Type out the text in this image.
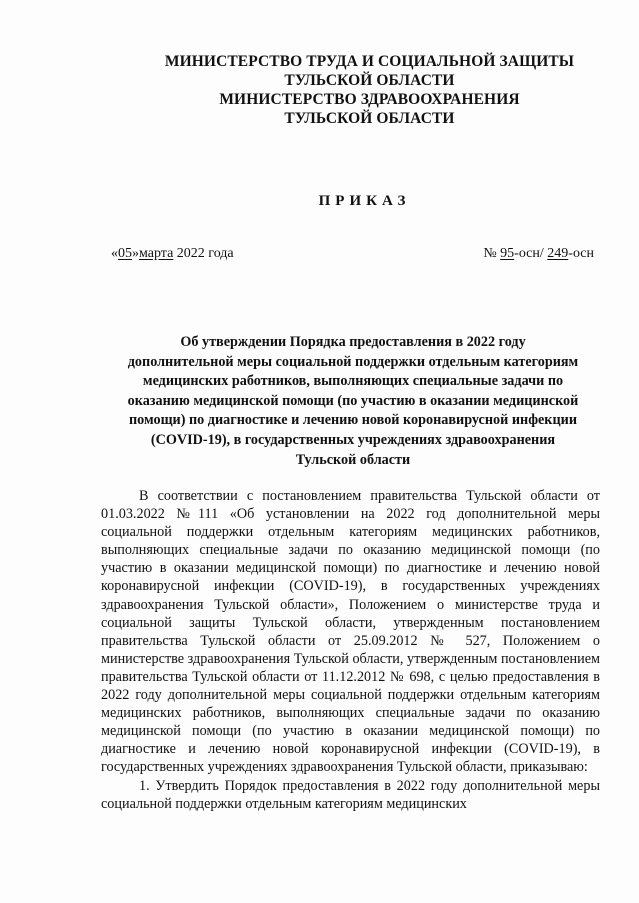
МИНИСТЕРСТВО ТРУДА И СОЦИАЛЬНОЙ ЗАЩИТЫ
ТУЛЬСКОЙ ОБЛАСТИ
МИНИСТЕРСТВО ЗДРАВООХРАНЕНИЯ
ТУЛЬСКОЙ ОБЛАСТИ
ПРИКАЗ
«05»марта 2022 года	№ 95-осн/ 249-осн
Об утверждении Порядка предоставления в 2022 году
дополнительной меры социальной поддержки отдельным категориям
медицинских работников, выполняющих специальные задачи по
оказанию медицинской помощи (по участию в оказании медицинской
помощи) по диагностике и лечению новой коронавирусной инфекции
(COVID-19), в государственных учреждениях здравоохранения
Тульской области

В соответствии с постановлением правительства Тульской области от 01.03.2022 №111 «Об установлении на 2022 год дополнительной меры социальной поддержки отдельным категориям медицинских работников, выполняющих специальные задачи по оказанию медицинской помощи (по участию в оказании медицинской помощи) по диагностике и лечению новой коронавирусной инфекции (COVID-19), в государственных учреждениях здравоохранения Тульской области», Положением о министерстве труда и социальной защиты Тульской области, утвержденным постановлением правительства Тульской области от 25.09.2012 № 527, Положением о министерстве здравоохранения Тульской области, утвержденным постановлением правительства Тульской области от 11.12.2012 № 698, с целью предоставления в 2022 году дополнительной меры социальной поддержки отдельным категориям медицинских работников, выполняющих специальные задачи по оказанию медицинской помощи (по участию в оказании медицинской помощи) по диагностике и лечению новой коронавирусной инфекции (COVID-19), в государственных учреждениях здравоохранения Тульской области, приказываю:

1. Утвердить Порядок предоставления в 2022 году дополнительной меры социальной поддержки отдельным категориям медицинских
